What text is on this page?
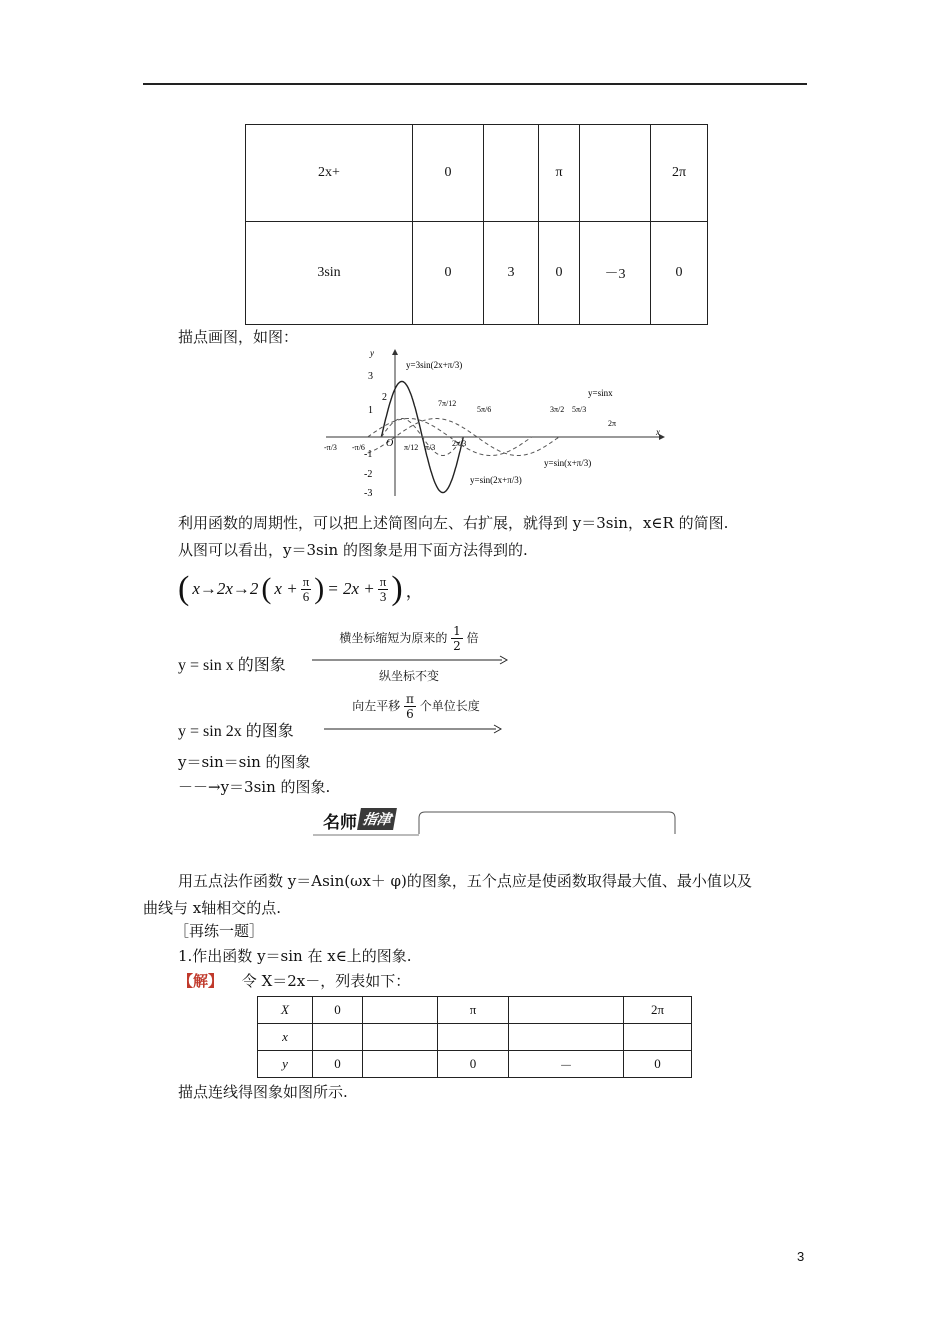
2x+	0		π		2π
3sin	0	3	0	－3	0
描点画图，如图：
y
x
O
3
2
1
-1
-2
-3
-π/3 -π/6	π/12 π/3
7π/12
2π/3
5π/6	3π/2 5π/3
2π
y=3sin(2x+π/3)
y=sinx
y=sin(x+π/3)
y=sin(2x+π/3)
利用函数的周期性，可以把上述简图向左、右扩展，就得到 y＝3sin，x∈R 的简图.
从图可以看出，y＝3sin 的图象是用下面方法得到的.
( x→2x→2 ( $x + \frac{\pi}{6}$ ) = $2x + \frac{\pi}{3}$ ) ，
y = sin x 的图象
横坐标缩短为原来的 $\frac{1}{2}$ 倍
纵坐标不变
y = sin 2x 的图象
向左平移 $\frac{\pi}{6}$ 个单位长度
y＝sin＝sin 的图象
－－→y＝3sin 的图象.
名师 指津
用五点法作函数 y＝Asin(ωx＋ φ)的图象，五个点应是使函数取得最大值、最小值以及
曲线与 x轴相交的点.
［再练一题］
1.作出函数 y＝sin 在 x∈上的图象.
【解】 令 X＝2x－，列表如下：
X	0		π		2π
x					
y	0		0	－	0
描点连线得图象如图所示.
3
